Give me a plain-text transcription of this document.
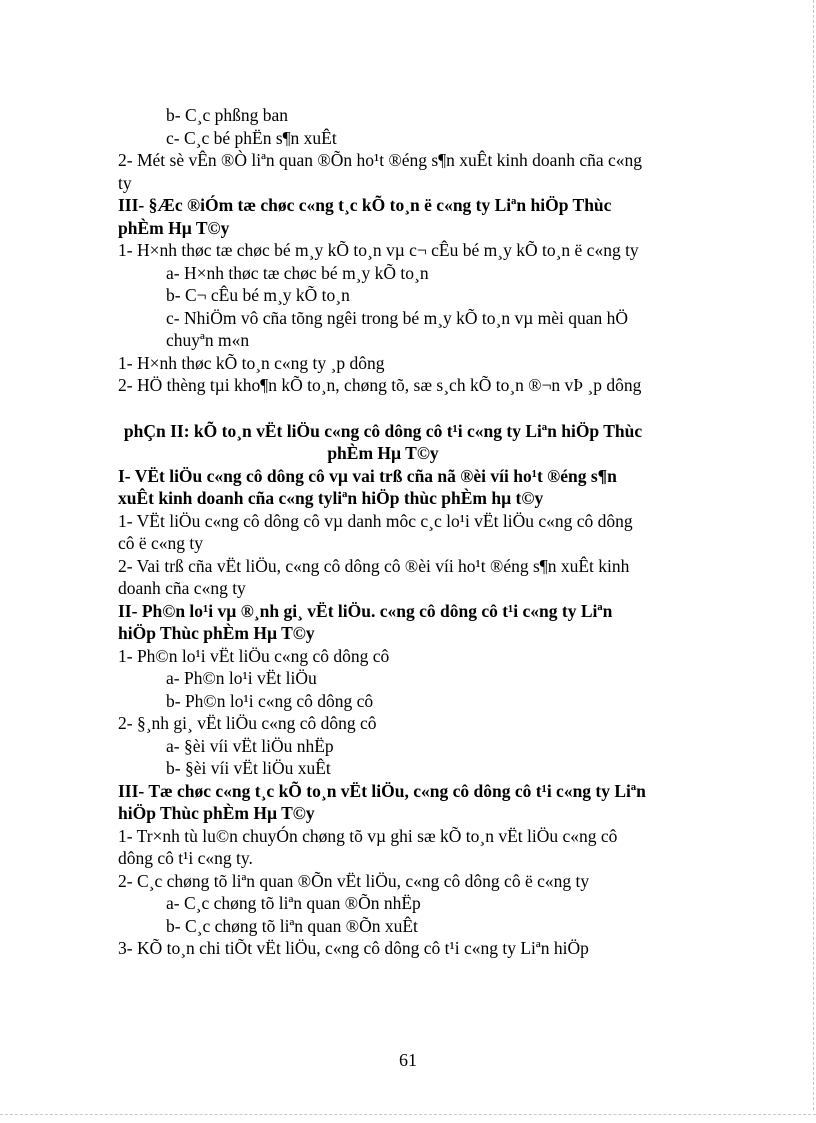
b- C¸c phßng ban

c- C¸c bé phËn s¶n xuÊt

2- Mét sè vÊn ®Ò liªn quan ®Õn ho¹t ®éng s¶n xuÊt kinh doanh cña c«ng ty

III- §Æc ®iÓm tæ chøc c«ng t¸c kÕ to¸n ë c«ng ty Liªn hiÖp Thùc phÈm Hµ T©y

1- H×nh thøc tæ chøc bé m¸y kÕ to¸n vµ c¬ cÊu bé m¸y kÕ to¸n ë c«ng ty

a- H×nh thøc tæ chøc bé m¸y kÕ to¸n

b- C¬ cÊu bé m¸y kÕ to¸n

c- NhiÖm vô cña tõng ngêi trong bé m¸y kÕ to¸n vµ mèi quan hÖ chuyªn m«n

1- H×nh thøc kÕ to¸n c«ng ty ¸p dông

2- HÖ thèng tµi kho¶n kÕ to¸n, chøng tõ, sæ s¸ch kÕ to¸n ®¬n vÞ ¸p dông

phÇn II: kÕ to¸n vËt liÖu c«ng cô dông cô t¹i c«ng ty Liªn hiÖp Thùc phÈm Hµ T©y

I- VËt liÖu c«ng cô dông cô vµ vai trß cña nã ®èi víi ho¹t ®éng s¶n xuÊt kinh doanh cña c«ng tyliªn hiÖp thùc phÈm hµ t©y

1- VËt liÖu c«ng cô dông cô vµ danh môc c¸c lo¹i vËt liÖu c«ng cô dông cô ë c«ng ty

2- Vai trß cña vËt liÖu, c«ng cô dông cô ®èi víi ho¹t ®éng s¶n xuÊt kinh doanh cña c«ng ty

II- Ph©n lo¹i vµ ®¸nh gi¸ vËt liÖu. c«ng cô dông cô t¹i c«ng ty Liªn hiÖp Thùc phÈm Hµ T©y

1- Ph©n lo¹i vËt liÖu c«ng cô dông cô

a- Ph©n lo¹i vËt liÖu

b- Ph©n lo¹i c«ng cô dông cô

2- §¸nh gi¸ vËt liÖu c«ng cô dông cô

a- §èi víi vËt liÖu nhËp

b- §èi víi vËt liÖu xuÊt

III- Tæ chøc c«ng t¸c kÕ to¸n vËt liÖu, c«ng cô dông cô t¹i c«ng ty Liªn hiÖp Thùc phÈm Hµ T©y

1- Tr×nh tù lu©n chuyÓn chøng tõ vµ ghi sæ kÕ to¸n vËt liÖu c«ng cô dông cô t¹i c«ng ty.

2- C¸c chøng tõ liªn quan ®Õn vËt liÖu, c«ng cô dông cô ë c«ng ty

a- C¸c chøng tõ liªn quan ®Õn nhËp

b- C¸c chøng tõ liªn quan ®Õn xuÊt

3- KÕ to¸n chi tiÕt vËt liÖu, c«ng cô dông cô t¹i c«ng ty Liªn hiÖp

61
